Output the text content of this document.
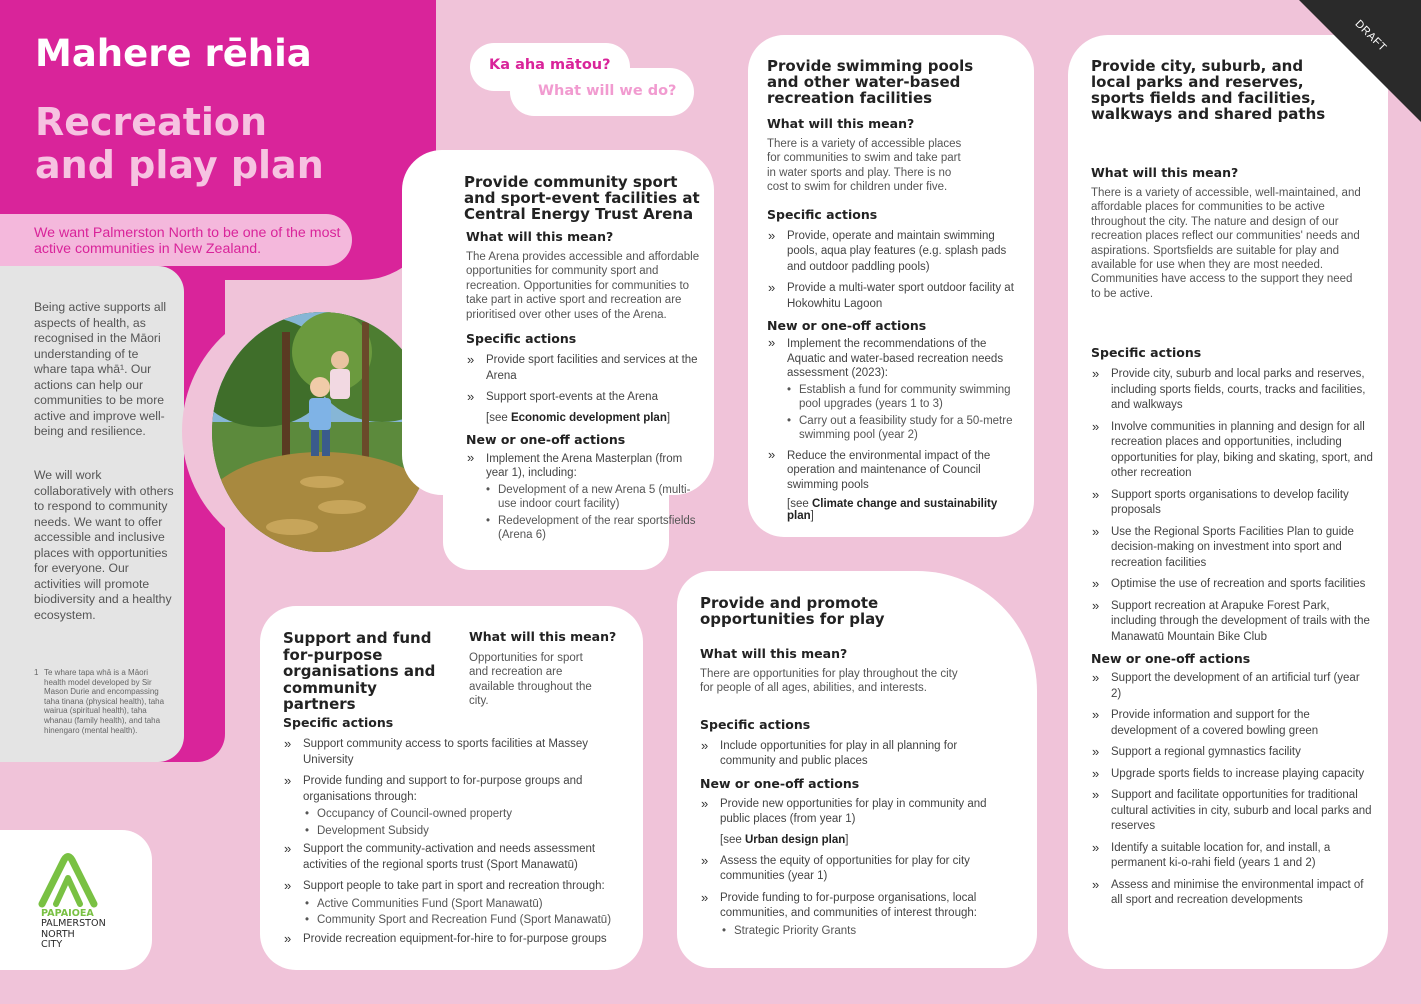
We want Palmerston North to be one of the most active communities in New Zealand.
Mahere rēhia
Recreation
and play plan
Being active supports all aspects of health, as recognised in the Māori understanding of te whare tapa whā¹. Our actions can help our communities to be more active and improve well-being and resilience.
We will work collaboratively with others to respond to community needs. We want to offer accessible and inclusive places with opportunities for everyone. Our activities will promote biodiversity and a healthy ecosystem.
1 Te whare tapa whā is a Māori health model developed by Sir Mason Durie and encompassing taha tinana (physical health), taha wairua (spiritual health), taha whanau (family health), and taha hinengaro (mental health).
Ka aha mātou?
What will we do?

Provide community sport and sport-event facilities at Central Energy Trust Arena

What will this mean?

The Arena provides accessible and affordable opportunities for community sport and recreation. Opportunities for communities to take part in active sport and recreation are prioritised over other uses of the Arena.

Specific actions

» Provide sport facilities and services at the Arena
» Support sport-events at the Arena

[see Economic development plan]

New or one-off actions

» Implement the Arena Masterplan (from year 1), including:
• Development of a new Arena 5 (multi-use indoor court facility)
• Redevelopment of the rear sportsfields (Arena 6)

Provide swimming pools and other water-based recreation facilities

What will this mean?

There is a variety of accessible places for communities to swim and take part in water sports and play. There is no cost to swim for children under five.

Specific actions

» Provide, operate and maintain swimming pools, aqua play features (e.g. splash pads and outdoor paddling pools)
» Provide a multi-water sport outdoor facility at Hokowhitu Lagoon

New or one-off actions

» Implement the recommendations of the Aquatic and water-based recreation needs assessment (2023):
• Establish a fund for community swimming pool upgrades (years 1 to 3)
• Carry out a feasibility study for a 50-metre swimming pool (year 2)
» Reduce the environmental impact of the operation and maintenance of Council swimming pools

[see Climate change and sustainability plan]

Provide city, suburb, and local parks and reserves, sports fields and facilities, walkways and shared paths

What will this mean?

There is a variety of accessible, well-maintained, and affordable places for communities to be active throughout the city. The nature and design of our recreation places reflect our communities' needs and aspirations. Sportsfields are suitable for play and available for use when they are most needed. Communities have access to the support they need to be active.

Specific actions

» Provide city, suburb and local parks and reserves, including sports fields, courts, tracks and facilities, and walkways
» Involve communities in planning and design for all recreation places and opportunities, including opportunities for play, biking and skating, sport, and other recreation
» Support sports organisations to develop facility proposals
» Use the Regional Sports Facilities Plan to guide decision-making on investment into sport and recreation facilities
» Optimise the use of recreation and sports facilities
» Support recreation at Arapuke Forest Park, including through the development of trails with the Manawatū Mountain Bike Club

New or one-off actions

» Support the development of an artificial turf (year 2)
» Provide information and support for the development of a covered bowling green
» Support a regional gymnastics facility
» Upgrade sports fields to increase playing capacity
» Support and facilitate opportunities for traditional cultural activities in city, suburb and local parks and reserves
» Identify a suitable location for, and install, a permanent ki-o-rahi field (years 1 and 2)
» Assess and minimise the environmental impact of all sport and recreation developments
DRAFT
Support and fund for-purpose organisations and community partners
What will this mean?
Opportunities for sport and recreation are available throughout the city.

Specific actions

» Support community access to sports facilities at Massey University
» Provide funding and support to for-purpose groups and organisations through:
• Occupancy of Council-owned property
• Development Subsidy
» Support the community-activation and needs assessment activities of the regional sports trust (Sport Manawatū)
» Support people to take part in sport and recreation through:
• Active Communities Fund (Sport Manawatū)
• Community Sport and Recreation Fund (Sport Manawatū)
» Provide recreation equipment-for-hire to for-purpose groups

Provide and promote opportunities for play

What will this mean?

There are opportunities for play throughout the city for people of all ages, abilities, and interests.

Specific actions

» Include opportunities for play in all planning for community and public places

New or one-off actions

» Provide new opportunities for play in community and public places (from year 1)

[see Urban design plan]

» Assess the equity of opportunities for play for city communities (year 1)
» Provide funding to for-purpose organisations, local communities, and communities of interest through:
• Strategic Priority Grants
PAPAIOEA
PALMERSTON
NORTH
CITY
